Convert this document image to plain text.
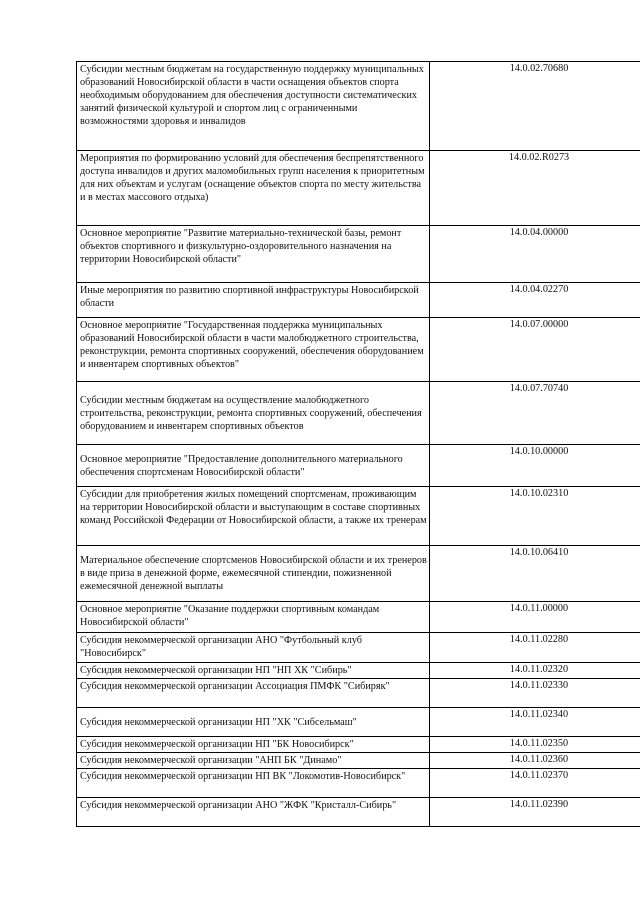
Субсидии местным бюджетам на государственную поддержку муниципальных образований Новосибирской области в части оснащения объектов спорта необходимым оборудованием для обеспечения доступности систематических занятий физической культурой и спортом лиц с ограниченными возможностями здоровья и инвалидов	14.0.02.70680
Мероприятия по формированию условий для обеспечения беспрепятственного доступа инвалидов и других маломобильных групп населения к приоритетным для них объектам и услугам (оснащение объектов спорта по месту жительства и в местах массового отдыха)	14.0.02.R0273
Основное мероприятие "Развитие материально-технической базы, ремонт объектов спортивного и физкультурно-оздоровительного назначения на территории Новосибирской области"	14.0.04.00000
Иные мероприятия по развитию спортивной инфраструктуры Новосибирской области	14.0.04.02270
Основное мероприятие "Государственная поддержка муниципальных образований Новосибирской области в части малобюджетного строительства, реконструкции, ремонта спортивных сооружений, обеспечения оборудованием и инвентарем спортивных объектов"	14.0.07.00000
Субсидии местным бюджетам на осуществление малобюджетного строительства, реконструкции, ремонта спортивных сооружений, обеспечения оборудованием и инвентарем спортивных объектов	14.0.07.70740
Основное мероприятие "Предоставление дополнительного материального обеспечения спортсменам Новосибирской области"	14.0.10.00000
Субсидии для приобретения жилых помещений спортсменам, проживающим на территории Новосибирской области и выступающим в составе спортивных команд Российской Федерации от Новосибирской области, а также их тренерам	14.0.10.02310
Материальное обеспечение спортсменов Новосибирской области и их тренеров в виде приза в денежной форме, ежемесячной стипендии, пожизненной ежемесячной денежной выплаты	14.0.10.06410
Основное мероприятие "Оказание поддержки спортивным командам Новосибирской области"	14.0.11.00000
Субсидия некоммерческой организации АНО "Футбольный клуб "Новосибирск"	14.0.11.02280
Субсидия некоммерческой организации НП "НП ХК "Сибирь"	14.0.11.02320
Субсидия некоммерческой организации Ассоциация ПМФК "Сибиряк"	14.0.11.02330
Субсидия некоммерческой организации НП "ХК "Сибсельмаш"	14.0.11.02340
Субсидия некоммерческой организации НП "БК Новосибирск"	14.0.11.02350
Субсидия некоммерческой организации "АНП БК "Динамо"	14.0.11.02360
Субсидия некоммерческой организации НП ВК "Локомотив-Новосибирск"	14.0.11.02370
Субсидия некоммерческой организации АНО "ЖФК "Кристалл-Сибирь"	14.0.11.02390
